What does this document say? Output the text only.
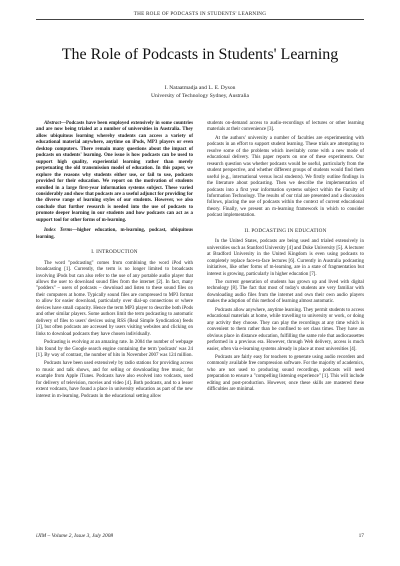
THE ROLE OF PODCASTS IN STUDENTS' LEARNING
The Role of Podcasts in Students' Learning
I. Nataatmadja and L. E. Dyson
University of Technology Sydney, Australia

Abstract—Podcasts have been employed extensively in some countries and are now being trialed at a number of universities in Australia. They allow ubiquitous learning whereby students can access a variety of educational material anywhere, anytime on iPods, MP3 players or even desktop computers. There remain many questions about the impact of podcasts on students' learning. One issue is how podcasts can be used to support high quality, experiential learning rather than merely perpetuating the old transmission model of education. In this paper, we explore the reasons why students either use, or fail to use, podcasts provided for their education. We report on the motivation of students enrolled in a large first-year information systems subject. These varied considerably and show that podcasts are a useful adjunct for providing for the diverse range of learning styles of our students. However, we also conclude that further research is needed into the use of podcasts to promote deeper learning in our students and how podcasts can act as a support tool for other forms of m-learning.

Index Terms—higher education, m-learning, podcast, ubiquitous learning.

I. INTRODUCTION

The word "podcasting" comes from combining the word iPod with broadcasting [1]. Currently, the term is no longer limited to broadcasts involving iPods but can also refer to the use of any portable audio player that allows the user to download sound files from the internet [2]. In fact, many "podders" – users of podcasts – download and listen to these sound files on their computers at home. Typically sound files are compressed to MP3 format to allow for easier download, particularly over dial-up connections or where devices have small capacity. Hence the term MP3 player to describe both iPods and other similar players. Some authors limit the term podcasting to automatic delivery of files to users' devices using RSS (Real Simple Syndication) feeds [3], but often podcasts are accessed by users visiting websites and clicking on links to download podcasts they have chosen individually.

Podcasting is evolving at an amazing rate. In 2004 the number of webpage hits found by the Google search engine containing the term 'podcasts' was 24 [1]. By way of contrast, the number of hits in November 2007 was 124 million.

Podcasts have been used extensively by radio stations for providing access to music and talk shows, and for selling or downloading free music, for example from Apple iTunes. Podcasts have also evolved into vodcasts, used for delivery of television, movies and video [4]. Both podcasts, and to a lesser extent vodcasts, have found a place in university education as part of the new interest in m-learning. Podcasts in the educational setting allow

students on-demand access to audio-recordings of lectures or other learning materials at their convenience [3].

At the authors' university a number of faculties are experimenting with podcasts in an effort to support student learning. These trials are attempting to resolve some of the problems which inevitably come with a new mode of educational delivery. This paper reports on one of these experiments. Our research question was whether podcasts would be useful, particularly from the student perspective, and whether different groups of students would find them useful (e.g., international versus local students). We firstly outline findings in the literature about podcasting. Then we describe the implementation of podcasts into a first year information systems subject within the Faculty of Information Technology. The results of our trial are presented and a discussion follows, placing the use of podcasts within the context of current educational theory. Finally, we present an m-learning framework in which to consider podcast implementation.

II. PODCASTING IN EDUCATION

In the United States, podcasts are being used and trialed extensively in universities such as Stanford University [4] and Duke University [5]. A lecturer at Bradford University in the United Kingdom is even using podcasts to completely replace face-to-face lectures [6]. Currently in Australia podcasting initiatives, like other forms of m-learning, are in a state of fragmentation but interest is growing, particularly in higher education [7].

The current generation of students has grown up and lived with digital technology [8]. The fact that most of today's students are very familiar with downloading audio files from the internet and own their own audio players makes the adoption of this method of learning almost automatic.

Podcasts allow anywhere, anytime learning. They permit students to access educational materials at home, while travelling to university or work, or doing any activity they choose. They can play the recordings at any time which is convenient to them rather than be confined to set class times. They have an obvious place in distance education, fulfilling the same role that audiocassettes performed in a previous era. However, through Web delivery, access is much easier, often via e-learning systems already in place at most universities [4].

Podcasts are fairly easy for teachers to generate using audio recorders and commonly available free compression software. For the majority of academics, who are not used to producing sound recordings, podcasts will need preparation to ensure a "compelling listening experience" [1]. This will include editing and post-production. However, once these skills are mastered these difficulties are minimal.

iJIM – Volume 2, Issue 3, July 2008	17
